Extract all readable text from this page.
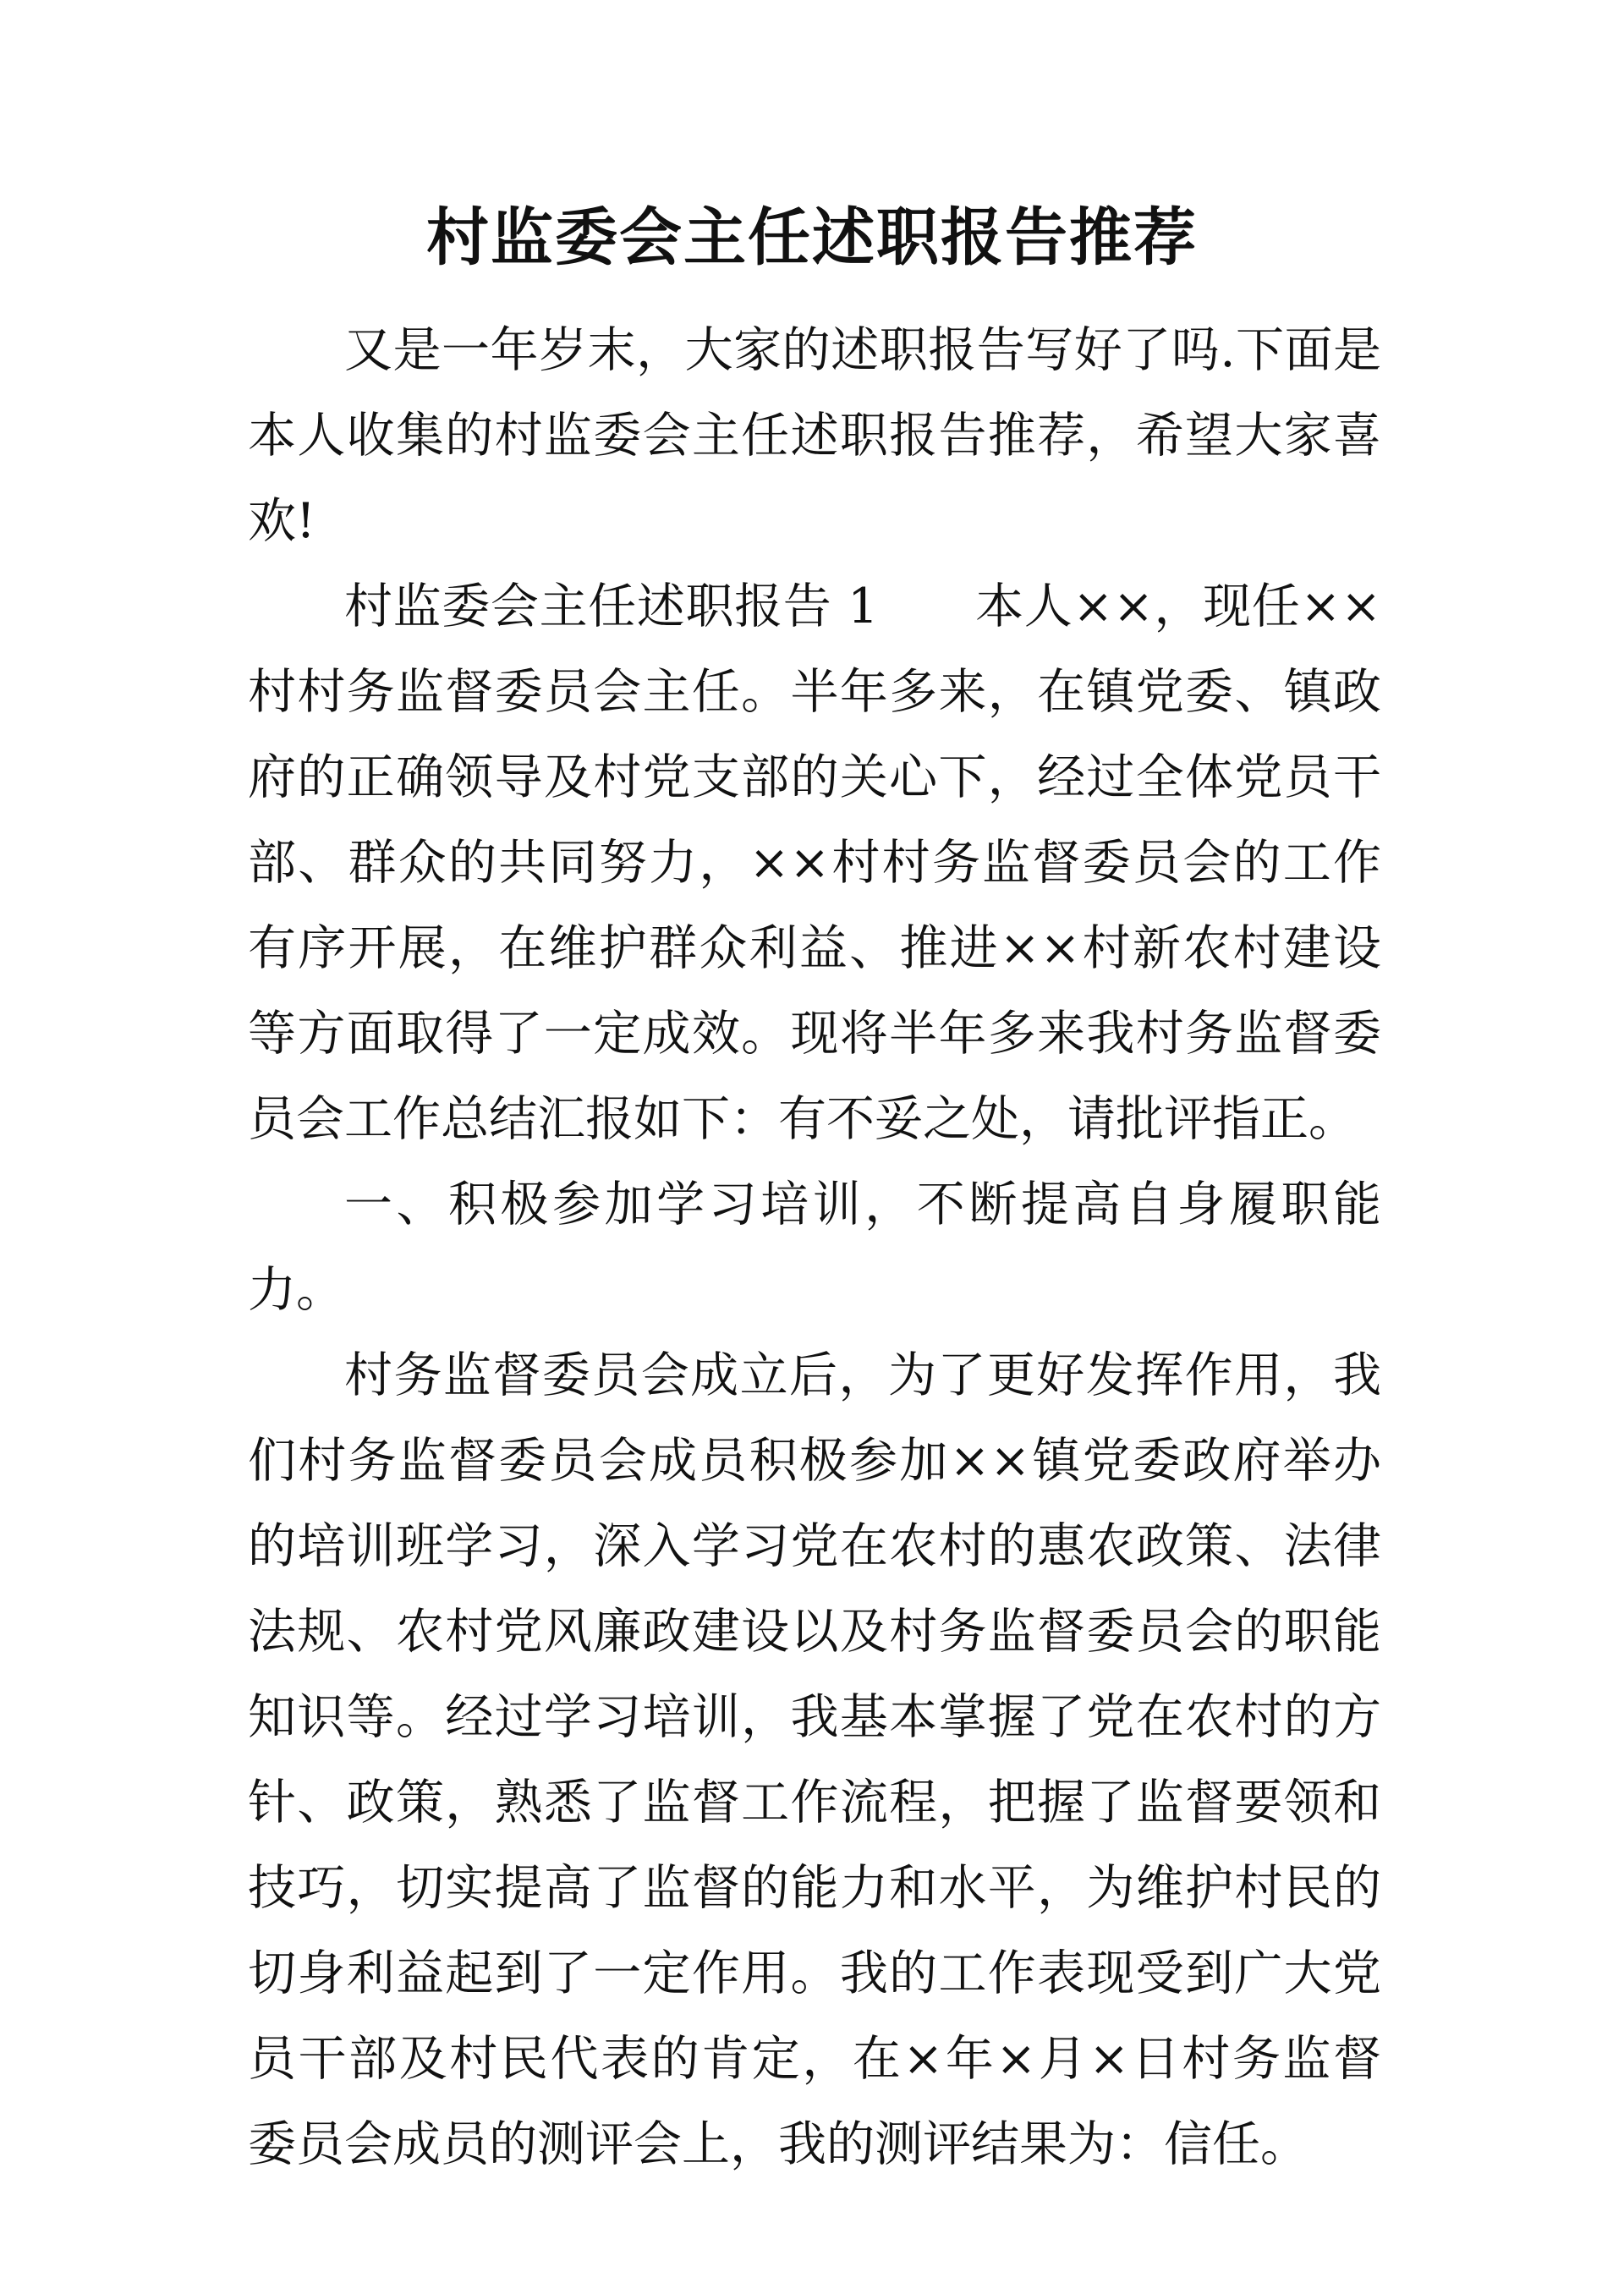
村监委会主任述职报告推荐

又是一年岁末，大家的述职报告写好了吗.下面是本人收集的村监委会主任述职报告推荐，希望大家喜欢!

村监委会主任述职报告 1 本人××，现任××村村务监督委员会主任。半年多来，在镇党委、镇政府的正确领导及村党支部的关心下，经过全体党员干部、群众的共同努力，××村村务监督委员会的工作有序开展，在维护群众利益、推进××村新农村建设等方面取得了一定成效。现将半年多来我村务监督委员会工作总结汇报如下：有不妥之处，请批评指正。

一、积极参加学习培训，不断提高自身履职能力。

村务监督委员会成立后，为了更好发挥作用，我们村务监督委员会成员积极参加××镇党委政府举办的培训班学习，深入学习党在农村的惠农政策、法律法规、农村党风廉政建设以及村务监督委员会的职能知识等。经过学习培训，我基本掌握了党在农村的方针、政策，熟悉了监督工作流程，把握了监督要领和技巧，切实提高了监督的能力和水平，为维护村民的切身利益起到了一定作用。我的工作表现受到广大党员干部及村民代表的肯定，在×年×月×日村务监督委员会成员的测评会上，我的测评结果为：信任。
